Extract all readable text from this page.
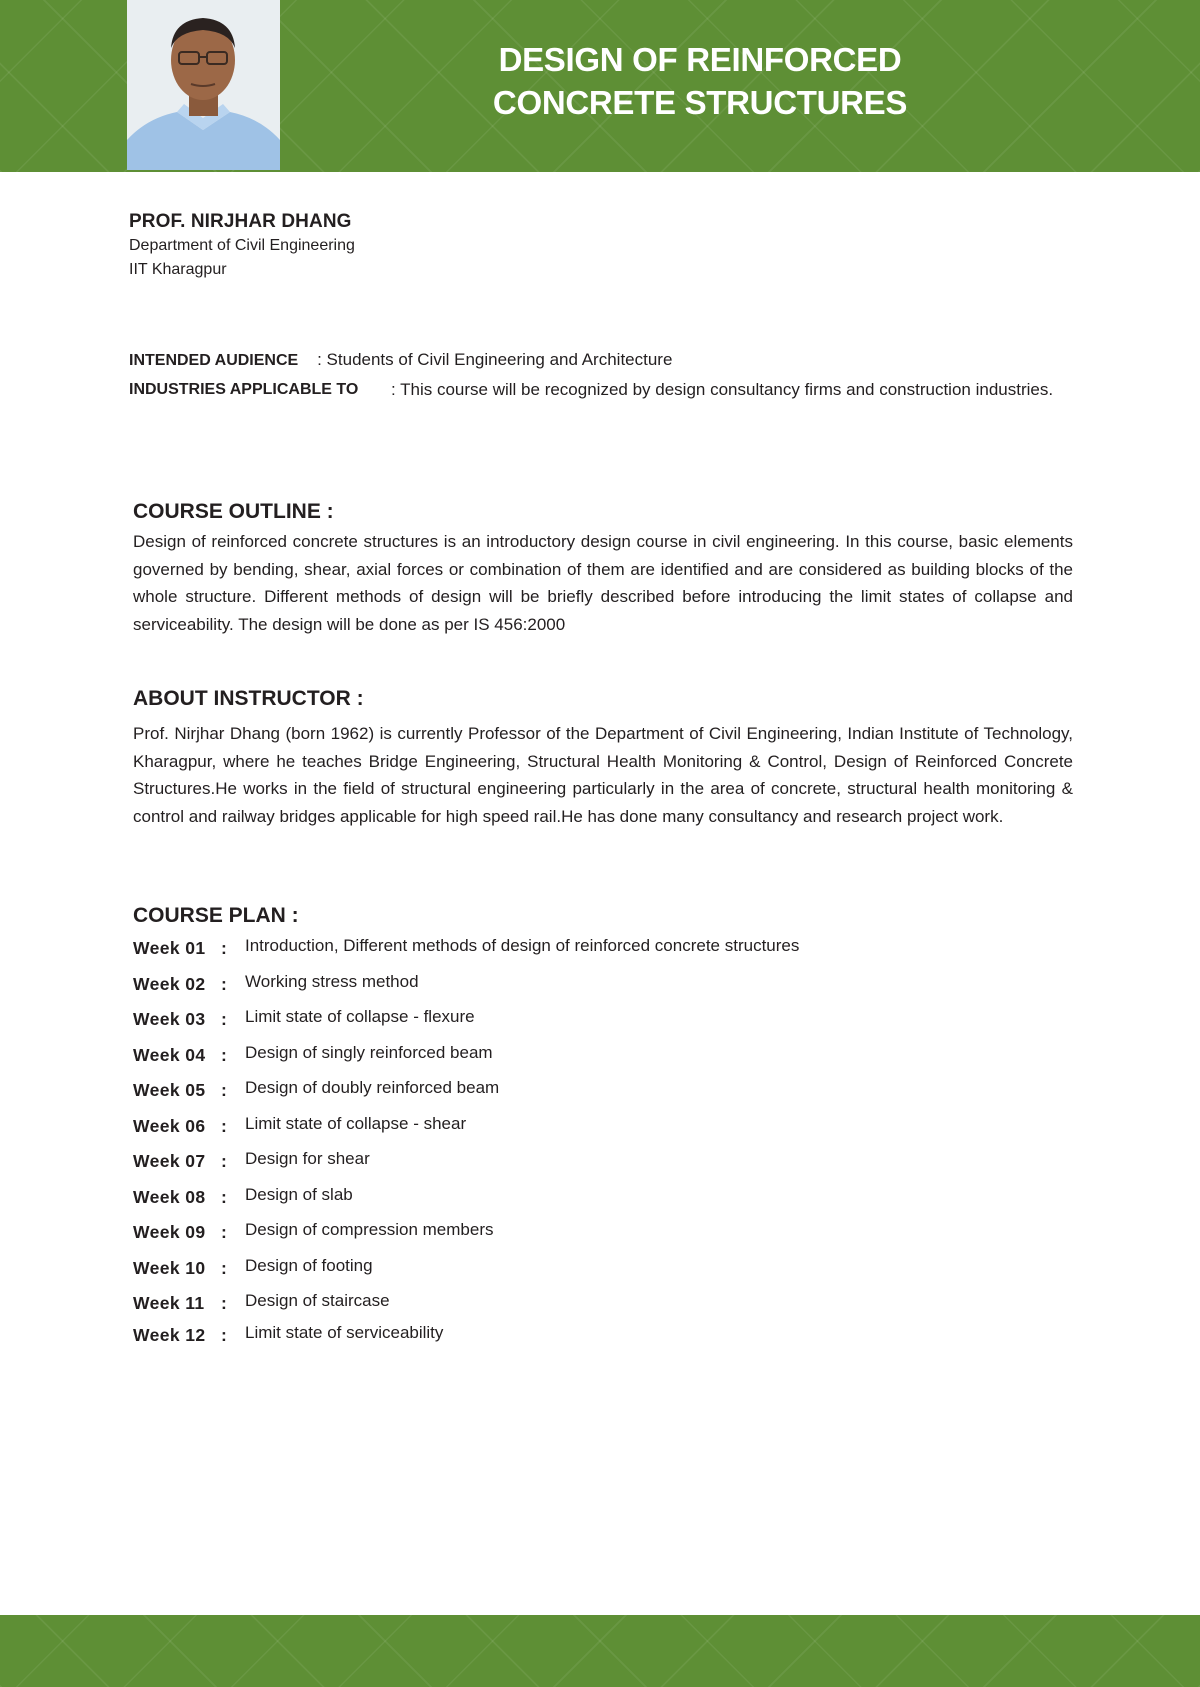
DESIGN OF REINFORCED
CONCRETE STRUCTURES
PROF. NIRJHAR DHANG
Department of Civil Engineering
IIT Kharagpur
INTENDED AUDIENCE : Students of Civil Engineering and Architecture
INDUSTRIES APPLICABLE TO : This course will be recognized by design consultancy firms and construction industries.
COURSE OUTLINE :
Design of reinforced concrete structures is an introductory design course in civil engineering. In this course, basic elements governed by bending, shear, axial forces or combination of them are identified and are considered as building blocks of the whole structure. Different methods of design will be briefly described before introducing the limit states of collapse and serviceability. The design will be done as per IS 456:2000
ABOUT INSTRUCTOR :
Prof. Nirjhar Dhang (born 1962) is currently Professor of the Department of Civil Engineering, Indian Institute of Technology, Kharagpur, where he teaches Bridge Engineering, Structural Health Monitoring & Control, Design of Reinforced Concrete Structures.He works in the field of structural engineering particularly in the area of concrete, structural health monitoring & control and railway bridges applicable for high speed rail.He has done many consultancy and research project work.
COURSE PLAN :
Week 01 : Introduction, Different methods of design of reinforced concrete structures
Week 02 : Working stress method
Week 03 : Limit state of collapse - flexure
Week 04 : Design of singly reinforced beam
Week 05 : Design of doubly reinforced beam
Week 06 : Limit state of collapse - shear
Week 07 : Design for shear
Week 08 : Design of slab
Week 09 : Design of compression members
Week 10 : Design of footing
Week 11 : Design of staircase
Week 12 : Limit state of serviceability
